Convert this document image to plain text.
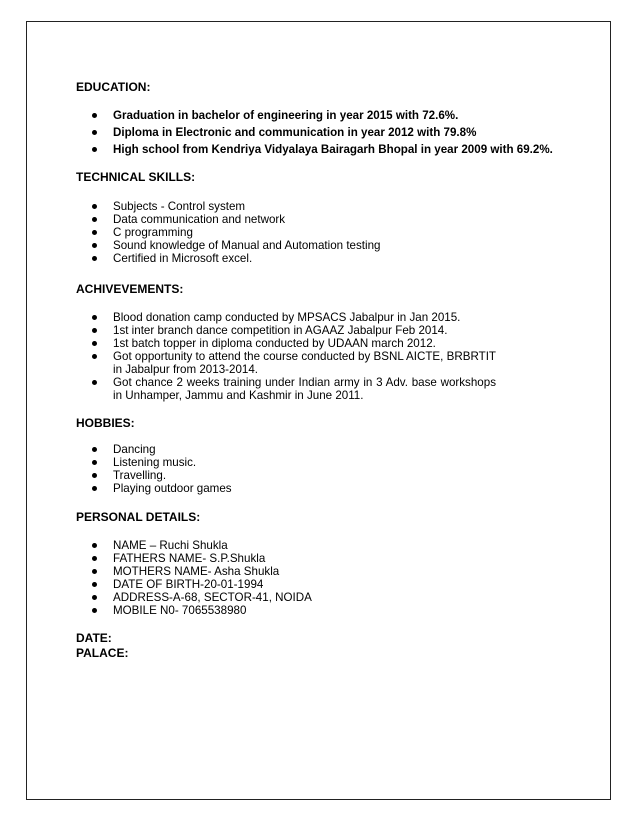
EDUCATION:
Graduation in bachelor of engineering in year 2015 with 72.6%.
Diploma in Electronic and communication in year 2012 with 79.8%
High school from Kendriya Vidyalaya Bairagarh Bhopal in year 2009 with 69.2%.
TECHNICAL SKILLS:
Subjects - Control system
Data communication and network
C programming
Sound knowledge of Manual and Automation testing
Certified in Microsoft excel.
ACHIVEVEMENTS:
Blood donation camp conducted by MPSACS Jabalpur in Jan 2015.
1st inter branch dance competition in AGAAZ Jabalpur Feb 2014.
1st batch topper in diploma conducted by UDAAN march 2012.
Got opportunity to attend the course conducted by BSNL AICTE, BRBRTIT in Jabalpur from 2013-2014.
Got chance 2 weeks training under Indian army in 3 Adv. base workshops in Unhamper, Jammu and Kashmir in June 2011.
HOBBIES:
Dancing
Listening music.
Travelling.
Playing outdoor games
PERSONAL DETAILS:
NAME – Ruchi Shukla
FATHERS NAME- S.P.Shukla
MOTHERS NAME- Asha Shukla
DATE OF BIRTH-20-01-1994
ADDRESS-A-68, SECTOR-41, NOIDA
MOBILE N0- 7065538980
DATE:
PALACE:
